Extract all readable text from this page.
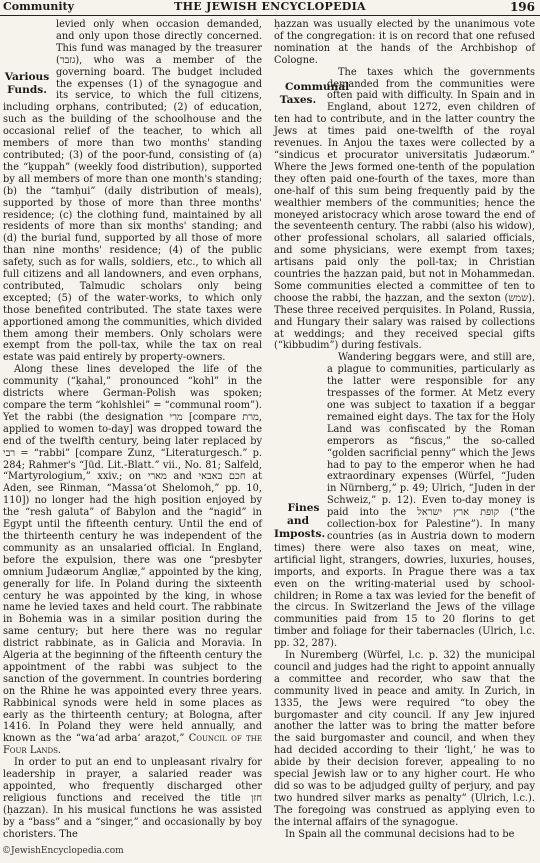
Community	THE JEWISH ENCYCLOPEDIA	196

Various Funds.
levied only when occasion demanded, and only upon those directly concerned. This fund was managed by the treasurer (גזבר), who was a member of the governing board. The budget included the expenses (1) of the synagogue and its service, to which the full citizens, including orphans, contributed; (2) of education, such as the building of the schoolhouse and the occasional relief of the teacher, to which all members of more than two months' standing contributed; (3) of the poor-fund, consisting of (a) the “ḳuppah” (weekly food distribution), supported by all members of more than one month's standing; (b) the “tamḥui” (daily distribution of meals), supported by those of more than three months' residence; (c) the clothing fund, maintained by all residents of more than six months' standing; and (d) the burial fund, supported by all those of more than nine months' residence; (4) of the public safety, such as for walls, soldiers, etc., to which all full citizens and all landowners, and even orphans, contributed, Talmudic scholars only being excepted; (5) of the water-works, to which only those benefited contributed. The state taxes were apportioned among the communities, which divided them among their members. Only scholars were exempt from the poll-tax, while the tax on real estate was paid entirely by property-owners.

Along these lines developed the life of the community (“ḳahal,” pronounced “kohl” in the districts where German-Polish was spoken; compare the term “kohlshlei” = “communal room”). Yet the rabbi (the designation מרי [compare מרת, applied to women to-day] was dropped toward the end of the twelfth century, being later replaced by רבי = “rabbi” [compare Zunz, “Literaturgesch.” p. 284; Rahmer's “Jüd. Lit.-Blatt.” vii., No. 81; Salfeld, “Martyrologium,” xxiv.; on מארי and חכם באבאי at Aden, see Rinman, “Massa‘ot Shelomoh,” pp. 10, 110]) no longer had the high position enjoyed by the “resh galuta” of Babylon and the “nagid” in Egypt until the fifteenth century. Until the end of the thirteenth century he was independent of the community as an unsalaried official. In England, before the expulsion, there was one “presbyter omnium Judæorum Angliæ,” appointed by the king, generally for life. In Poland during the sixteenth century he was appointed by the king, in whose name he levied taxes and held court. The rabbinate in Bohemia was in a similar position during the same century; but here there was no regular district rabbinate, as in Galicia and Moravia. In Algeria at the beginning of the fifteenth century the appointment of the rabbi was subject to the sanction of the government. In countries bordering on the Rhine he was appointed every three years. Rabbinical synods were held in some places as early as the thirteenth century; at Bologna, after 1416. In Poland they were held annually, and known as the “wa‘ad arba‘ araẓot,” Council of the Four Lands.

In order to put an end to unpleasant rivalry for leadership in prayer, a salaried reader was appointed, who frequently discharged other religious functions and received the title חזן (ḥazzan). In his musical functions he was assisted by a “bass” and a “singer,” and occasionally by boy choristers. The

ḥazzan was usually elected by the unanimous vote of the congregation: it is on record that one refused nomination at the hands of the Archbishop of Cologne.

Communal Taxes.
The taxes which the governments demanded from the communities were often paid with difficulty. In Spain and in England, about 1272, even children of ten had to contribute, and in the latter country the Jews at times paid one-twelfth of the royal revenues. In Anjou the taxes were collected by a “sindicus et procurator universitatis Judæorum.” Where the Jews formed one-tenth of the population they often paid one-fourth of the taxes, more than one-half of this sum being frequently paid by the wealthier members of the communities; hence the moneyed aristocracy which arose toward the end of the seventeenth century. The rabbi (also his widow), other professional scholars, all salaried officials, and some physicians, were exempt from taxes; artisans paid only the poll-tax; in Christian countries the ḥazzan paid, but not in Mohammedan. Some communities elected a committee of ten to choose the rabbi, the ḥazzan, and the sexton (שמש). These three received perquisites. In Poland, Russia, and Hungary their salary was raised by collections at weddings; and they received special gifts (“kibbudim”) during festivals.

Fines and Imposts.
Wandering beggars were, and still are, a plague to communities, particularly as the latter were responsible for any trespasses of the former. At Metz every one was subject to taxation if a beggar remained eight days. The tax for the Holy Land was confiscated by the Roman emperors as “fiscus,” the so-called “golden sacrificial penny” which the Jews had to pay to the emperor when he had extraordinary expenses (Würfel, “Juden in Nürnberg,” p. 49; Ulrich, “Juden in der Schweiz,” p. 12). Even to-day money is paid into the קופת ארץ ישראל (“the collection-box for Palestine”). In many countries (as in Austria down to modern times) there were also taxes on meat, wine, artificial light, strangers, dowries, luxuries, houses, imports, and exports. In Prague there was a tax even on the writing-material used by school-children; in Rome a tax was levied for the benefit of the circus. In Switzerland the Jews of the village communities paid from 15 to 20 florins to get timber and foliage for their tabernacles (Ulrich, l.c. pp. 32, 287).

In Nuremberg (Würfel, l.c. p. 32) the municipal council and judges had the right to appoint annually a committee and recorder, who saw that the community lived in peace and amity. In Zurich, in 1335, the Jews were required “to obey the burgomaster and city council. If any Jew injured another the latter was to bring the matter before the said burgomaster and council, and when they had decided according to their ‘light,’ he was to abide by their decision forever, appealing to no special Jewish law or to any higher court. He who did so was to be adjudged guilty of perjury, and pay two hundred silver marks as penalty” (Ulrich, l.c.). The foregoing was construed as applying even to the internal affairs of the synagogue.

In Spain all the communal decisions had to be

©JewishEncyclopedia.com
